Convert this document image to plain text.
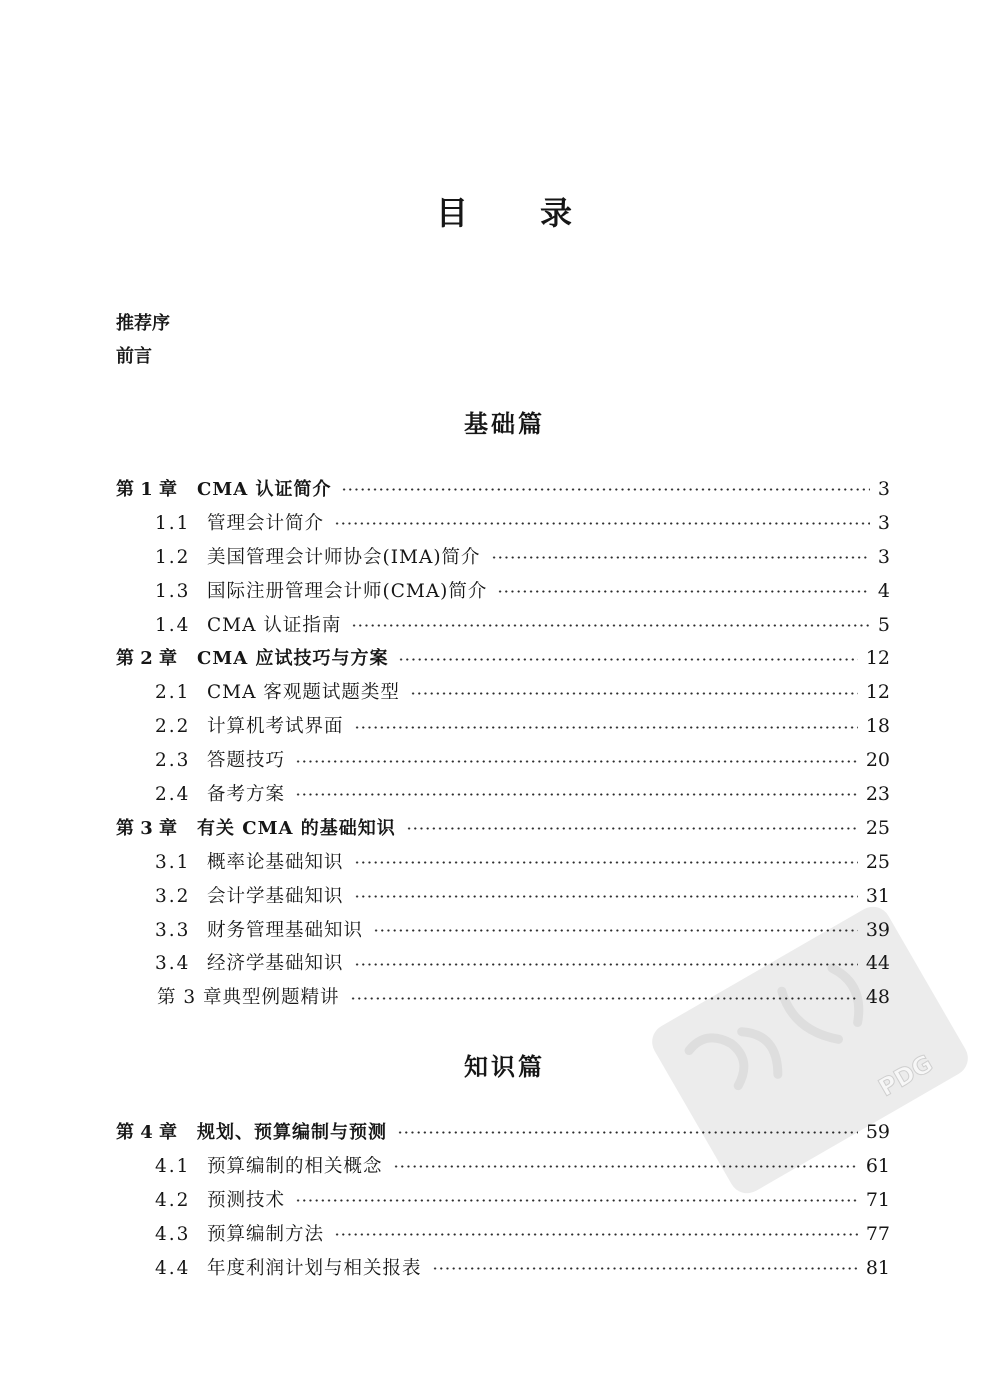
PDG
目录
推荐序
前言
基础篇
第 1 章	CMA 认证简介	3
1.1 管理会计简介	3
1.2 美国管理会计师协会(IMA)简介	3
1.3 国际注册管理会计师(CMA)简介	4
1.4 CMA 认证指南	5
第 2 章	CMA 应试技巧与方案	12
2.1 CMA 客观题试题类型	12
2.2 计算机考试界面	18
2.3 答题技巧	20
2.4 备考方案	23
第 3 章	有关 CMA 的基础知识	25
3.1 概率论基础知识	25
3.2 会计学基础知识	31
3.3 财务管理基础知识	39
3.4 经济学基础知识	44
第 3 章典型例题精讲	48
知识篇
第 4 章	规划、预算编制与预测	59
4.1 预算编制的相关概念	61
4.2 预测技术	71
4.3 预算编制方法	77
4.4 年度利润计划与相关报表	81
